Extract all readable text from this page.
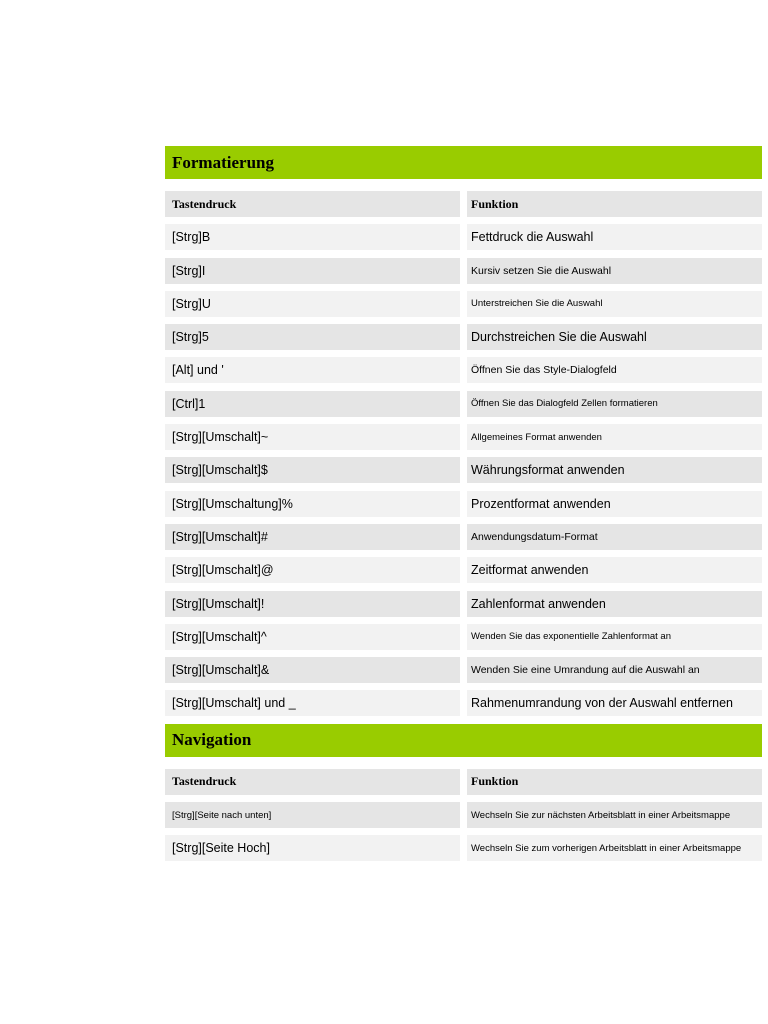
Formatierung
Tastendruck	Funktion
[Strg]B	Fettdruck die Auswahl
[Strg]I	Kursiv setzen Sie die Auswahl
[Strg]U	Unterstreichen Sie die Auswahl
[Strg]5	Durchstreichen Sie die Auswahl
[Alt] und '	Öffnen Sie das Style-Dialogfeld
[Ctrl]1	Öffnen Sie das Dialogfeld Zellen formatieren
[Strg][Umschalt]~	Allgemeines Format anwenden
[Strg][Umschalt]$	Währungsformat anwenden
[Strg][Umschaltung]%	Prozentformat anwenden
[Strg][Umschalt]#	Anwendungsdatum-Format
[Strg][Umschalt]@	Zeitformat anwenden
[Strg][Umschalt]!	Zahlenformat anwenden
[Strg][Umschalt]^	Wenden Sie das exponentielle Zahlenformat an
[Strg][Umschalt]&	Wenden Sie eine Umrandung auf die Auswahl an
[Strg][Umschalt] und _	Rahmenumrandung von der Auswahl entfernen
Navigation
Tastendruck	Funktion
[Strg][Seite nach unten]	Wechseln Sie zur nächsten Arbeitsblatt in einer Arbeitsmappe
[Strg][Seite Hoch]	Wechseln Sie zum vorherigen Arbeitsblatt in einer Arbeitsmappe
